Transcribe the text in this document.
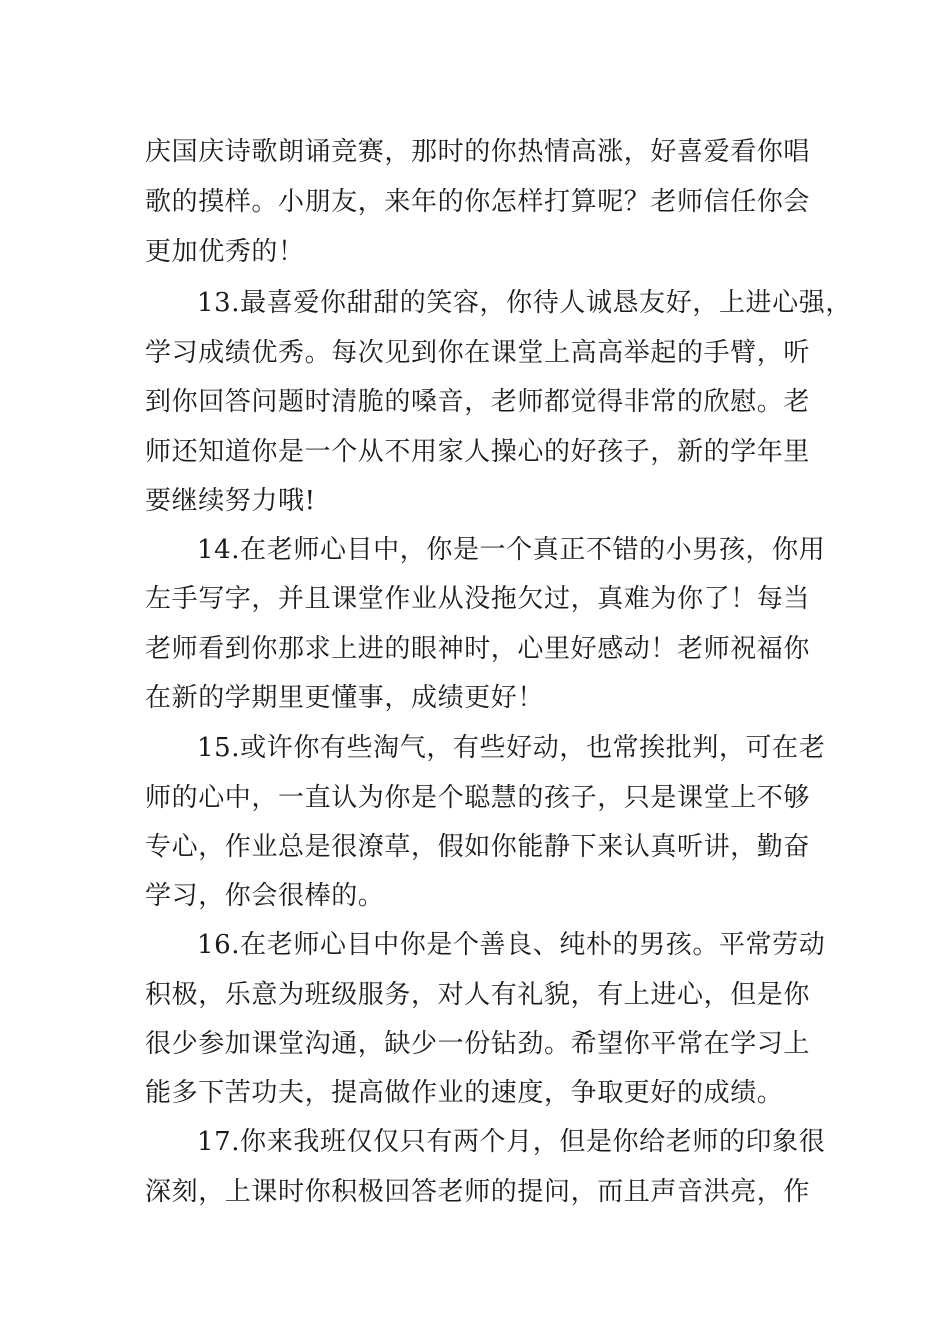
庆国庆诗歌朗诵竞赛，那时的你热情高涨，好喜爱看你唱
歌的摸样。小朋友，来年的你怎样打算呢？老师信任你会
更加优秀的！
13.最喜爱你甜甜的笑容，你待人诚恳友好，上进心强，
学习成绩优秀。每次见到你在课堂上高高举起的手臂，听
到你回答问题时清脆的嗓音，老师都觉得非常的欣慰。老
师还知道你是一个从不用家人操心的好孩子，新的学年里
要继续努力哦!
14.在老师心目中，你是一个真正不错的小男孩，你用
左手写字，并且课堂作业从没拖欠过，真难为你了！每当
老师看到你那求上进的眼神时，心里好感动！老师祝福你
在新的学期里更懂事，成绩更好！
15.或许你有些淘气，有些好动，也常挨批判，可在老
师的心中，一直认为你是个聪慧的孩子，只是课堂上不够
专心，作业总是很潦草，假如你能静下来认真听讲，勤奋
学习，你会很棒的。
16.在老师心目中你是个善良、纯朴的男孩。平常劳动
积极，乐意为班级服务，对人有礼貌，有上进心，但是你
很少参加课堂沟通，缺少一份钻劲。希望你平常在学习上
能多下苦功夫，提高做作业的速度，争取更好的成绩。
17.你来我班仅仅只有两个月，但是你给老师的印象很
深刻，上课时你积极回答老师的提问，而且声音洪亮，作
